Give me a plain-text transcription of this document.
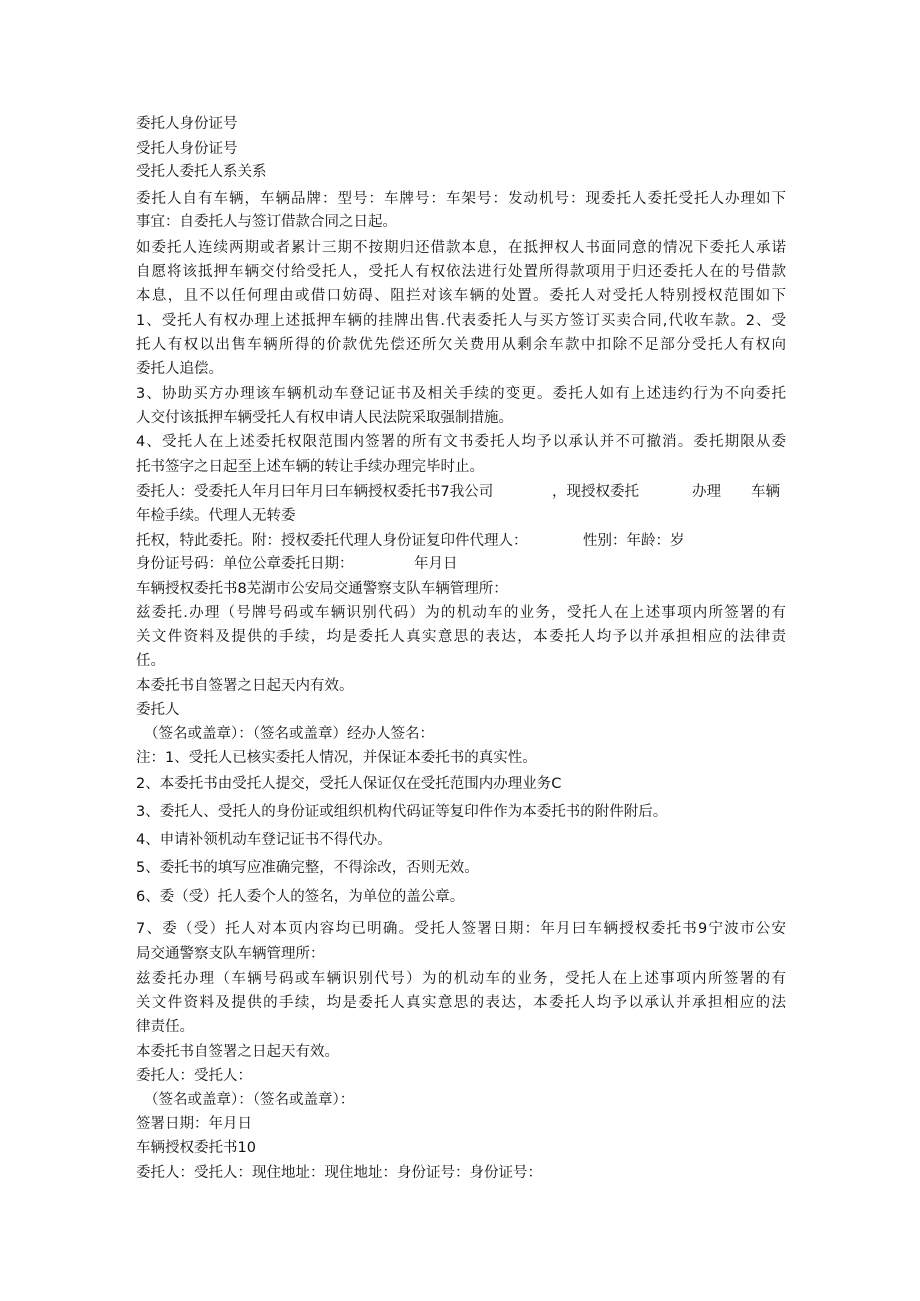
委托人身份证号

受托人身份证号

受托人委托人系关系

委托人自有车辆，车辆品牌：型号：车牌号：车架号：发动机号：现委托人委托受托人办理如下

事宜：自委托人与签订借款合同之日起。

如委托人连续两期或者累计三期不按期归还借款本息，在抵押权人书面同意的情况下委托人承诺

自愿将该抵押车辆交付给受托人，受托人有权依法进行处置所得款项用于归还委托人在的号借款

本息，且不以任何理由或借口妨碍、阻拦对该车辆的处置。委托人对受托人特别授权范围如下

1、受托人有权办理上述抵押车辆的挂牌出售.代表委托人与买方签订买卖合同,代收车款。2、受

托人有权以出售车辆所得的价款优先偿还所欠关费用从剩余车款中扣除不足部分受托人有权向

委托人追偿。

3、协助买方办理该车辆机动车登记证书及相关手续的变更。委托人如有上述违约行为不向委托

人交付该抵押车辆受托人有权申请人民法院采取强制措施。

4、受托人在上述委托权限范围内签署的所有文书委托人均予以承认并不可撤消。委托期限从委

托书签字之日起至上述车辆的转让手续办理完毕时止。

委托人：受委托人年月曰年月曰车辆授权委托书7我公司	，现授权委托	办理 车辆

年检手续。代理人无转委

托权，特此委托。附：授权委托代理人身份证复印件代理人：	性别：年龄：岁

身份证号码：单位公章委托日期：	年月日

车辆授权委托书8芜湖市公安局交通警察支队车辆管理所：

兹委托.办理（号牌号码或车辆识别代码）为的机动车的业务，受托人在上述事项内所签署的有

关文件资料及提供的手续，均是委托人真实意思的表达，本委托人均予以并承担相应的法律责

任。

本委托书自签署之日起天内有效。

委托人

（签名或盖章）：（签名或盖章）经办人签名：

注：1、受托人已核实委托人情况，并保证本委托书的真实性。

2、本委托书由受托人提交，受托人保证仅在受托范围内办理业务C

3、委托人、受托人的身份证或组织机构代码证等复印件作为本委托书的附件附后。

4、申请补领机动车登记证书不得代办。

5、委托书的填写应准确完整，不得涂改，否则无效。

6、委（受）托人委个人的签名，为单位的盖公章。

7、委（受）托人对本页内容均已明确。受托人签署日期：年月曰车辆授权委托书9宁波市公安

局交通警察支队车辆管理所：

兹委托办理（车辆号码或车辆识别代号）为的机动车的业务，受托人在上述事项内所签署的有

关文件资料及提供的手续，均是委托人真实意思的表达，本委托人均予以承认并承担相应的法

律责任。

本委托书自签署之日起天有效。

委托人：受托人：

（签名或盖章）：（签名或盖章）：

签署日期：年月日

车辆授权委托书10

委托人：受托人：现住地址：现住地址：身份证号：身份证号：
